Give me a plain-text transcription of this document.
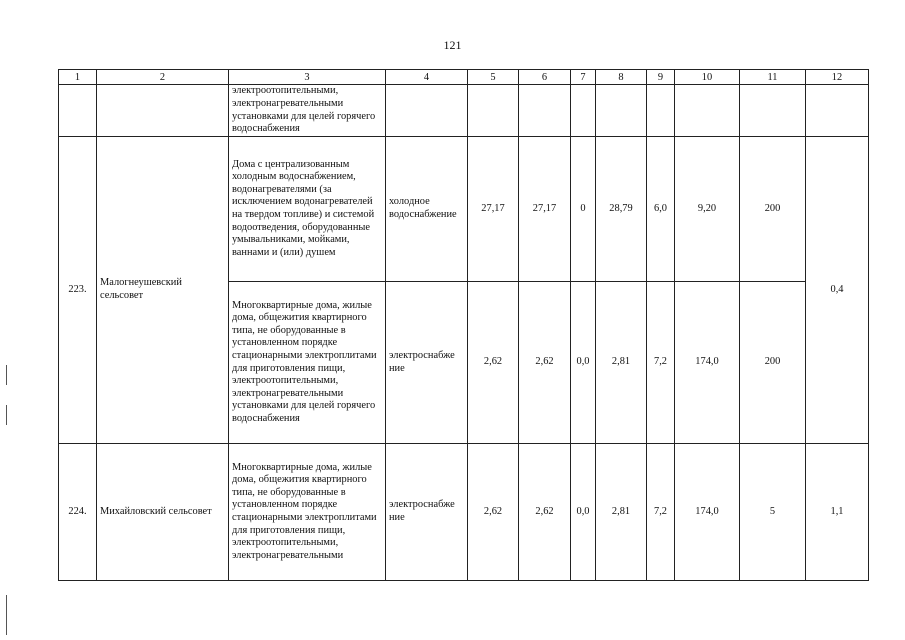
121
1	2	3	4	5	6	7	8	9	10	11	12
		электроотопительными, электронагревательными установками для целей горячего водоснабжения									
223.	Малогнеушевский сельсовет	Дома с централизованным холодным водоснабжением, водонагревателями (за исключением водонагревателей на твердом топливе) и системой водоотведения, оборудованные умывальниками, мойками, ваннами и (или) душем	холодное водоснабжение	27,17	27,17	0	28,79	6,0	9,20	200	0,4
		Многоквартирные дома, жилые дома, общежития квартирного типа, не оборудованные в установленном порядке стационарными электроплитами для приготовления пищи, электроотопительными, электронагревательными установками для целей горячего водоснабжения	электроснабже ние	2,62	2,62	0,0	2,81	7,2	174,0	200	
224.	Михайловский сельсовет	Многоквартирные дома, жилые дома, общежития квартирного типа, не оборудованные в установленном порядке стационарными электроплитами для приготовления пищи, электроотопительными, электронагревательными	электроснабже ние	2,62	2,62	0,0	2,81	7,2	174,0	5	1,1
